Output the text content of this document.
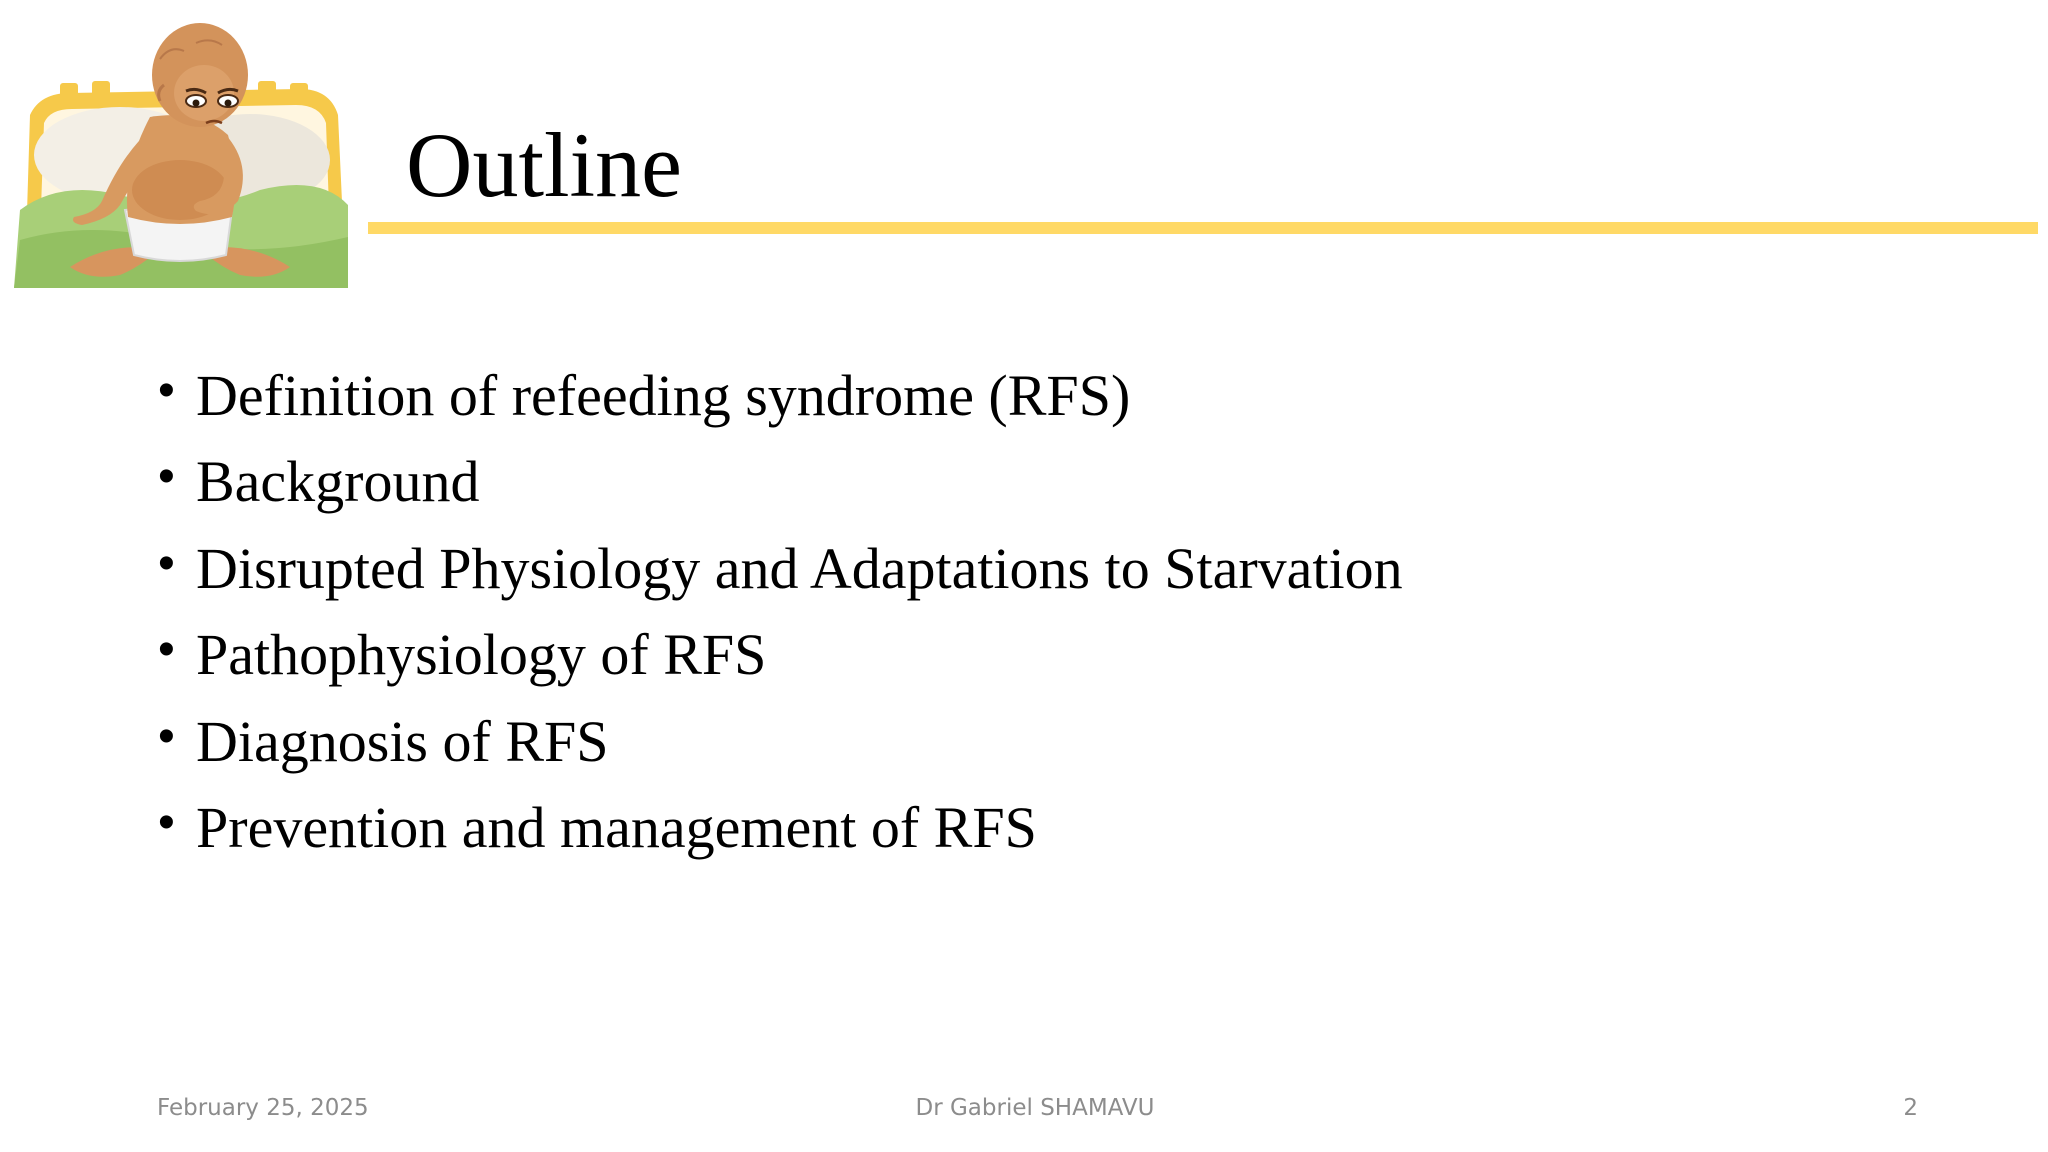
Outline
• Definition of refeeding syndrome (RFS)
• Background
• Disrupted Physiology and Adaptations to Starvation
• Pathophysiology of RFS
• Diagnosis of RFS
• Prevention and management of RFS
February 25, 2025	Dr Gabriel SHAMAVU	2
